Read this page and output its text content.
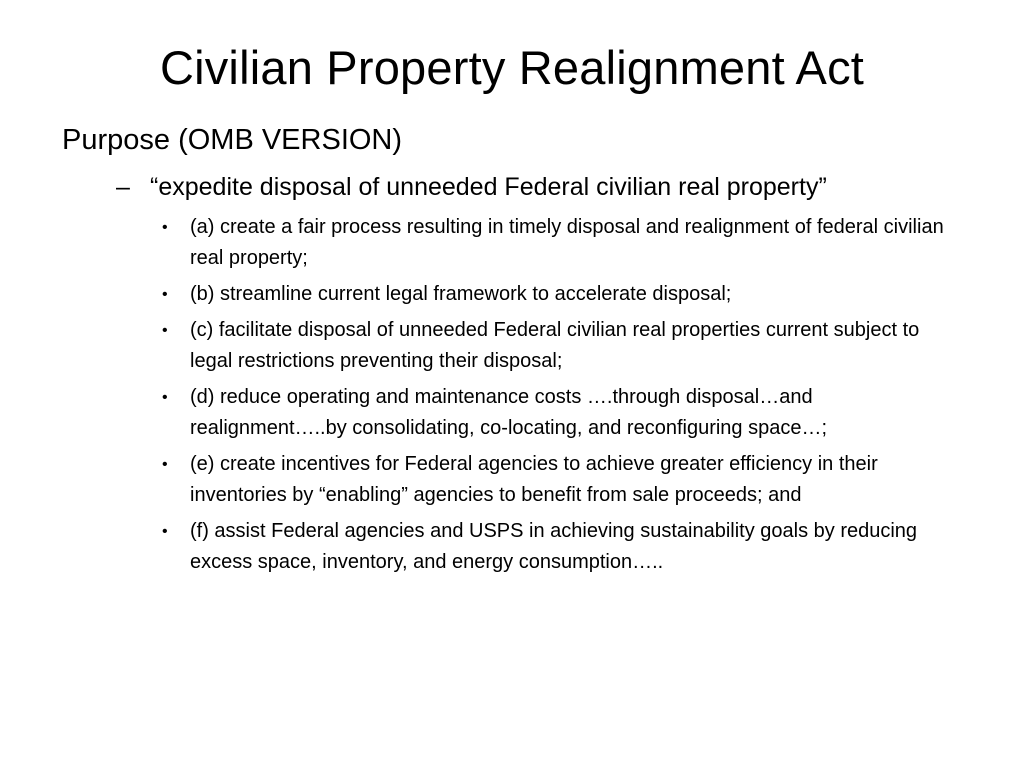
Civilian Property Realignment Act

Purpose (OMB VERSION)

– “expedite disposal of unneeded Federal civilian real property”

•	(a) create a fair process resulting in timely disposal and realignment of federal civilian real property;
•	(b) streamline current legal framework to accelerate disposal;
•	(c) facilitate disposal of unneeded Federal civilian real properties current subject to legal restrictions preventing their disposal;
•	(d) reduce operating and maintenance costs ….through disposal…and realignment…..by consolidating, co-locating, and reconfiguring space…;
•	(e) create incentives for Federal agencies to achieve greater efficiency in their inventories by “enabling” agencies to benefit from sale proceeds; and
•	(f) assist Federal agencies and USPS in achieving sustainability goals by reducing excess space, inventory, and energy consumption…..
